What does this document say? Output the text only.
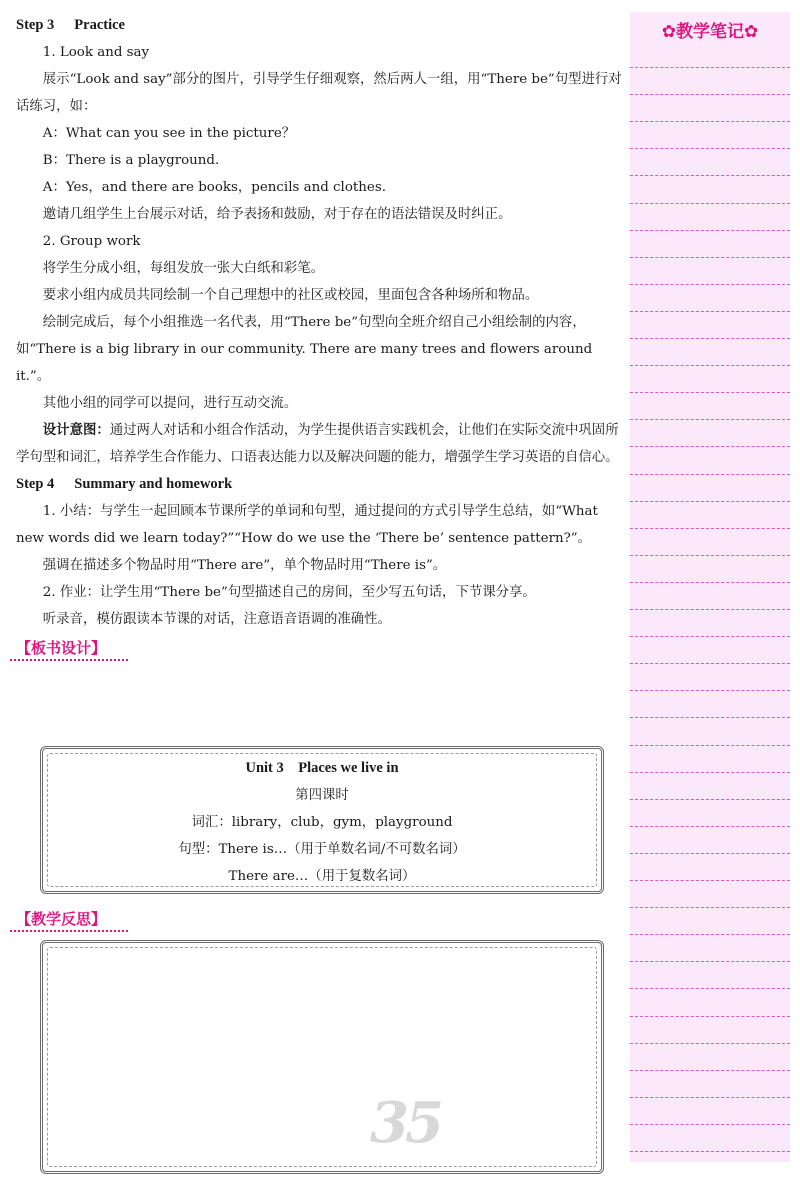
Step 3 Practice

1. Look and say

展示“Look and say”部分的图片，引导学生仔细观察，然后两人一组，用“There be”句型进行对话练习，如：

A：What can you see in the picture？

B：There is a playground.

A：Yes，and there are books，pencils and clothes.

邀请几组学生上台展示对话，给予表扬和鼓励，对于存在的语法错误及时纠正。

2. Group work

将学生分成小组，每组发放一张大白纸和彩笔。

要求小组内成员共同绘制一个自己理想中的社区或校园，里面包含各种场所和物品。

绘制完成后，每个小组推选一名代表，用“There be”句型向全班介绍自己小组绘制的内容，如“There is a big library in our community. There are many trees and flowers around it.”。

其他小组的同学可以提问，进行互动交流。

设计意图：通过两人对话和小组合作活动，为学生提供语言实践机会，让他们在实际交流中巩固所学句型和词汇，培养学生合作能力、口语表达能力以及解决问题的能力，增强学生学习英语的自信心。

Step 4 Summary and homework

1. 小结：与学生一起回顾本节课所学的单词和句型，通过提问的方式引导学生总结，如“What new words did we learn today?”“How do we use the ‘There be’ sentence pattern?”。

强调在描述多个物品时用“There are”，单个物品时用“There is”。

2. 作业：让学生用“There be”句型描述自己的房间，至少写五句话，下节课分享。

听录音，模仿跟读本节课的对话，注意语音语调的准确性。

【板书设计】

Unit 3    Places we live in
第四课时
词汇：library，club，gym，playground
句型：There is…（用于单数名词/不可数名词）
There are…（用于复数名词）
【教学反思】
35
✿教学笔记✿
